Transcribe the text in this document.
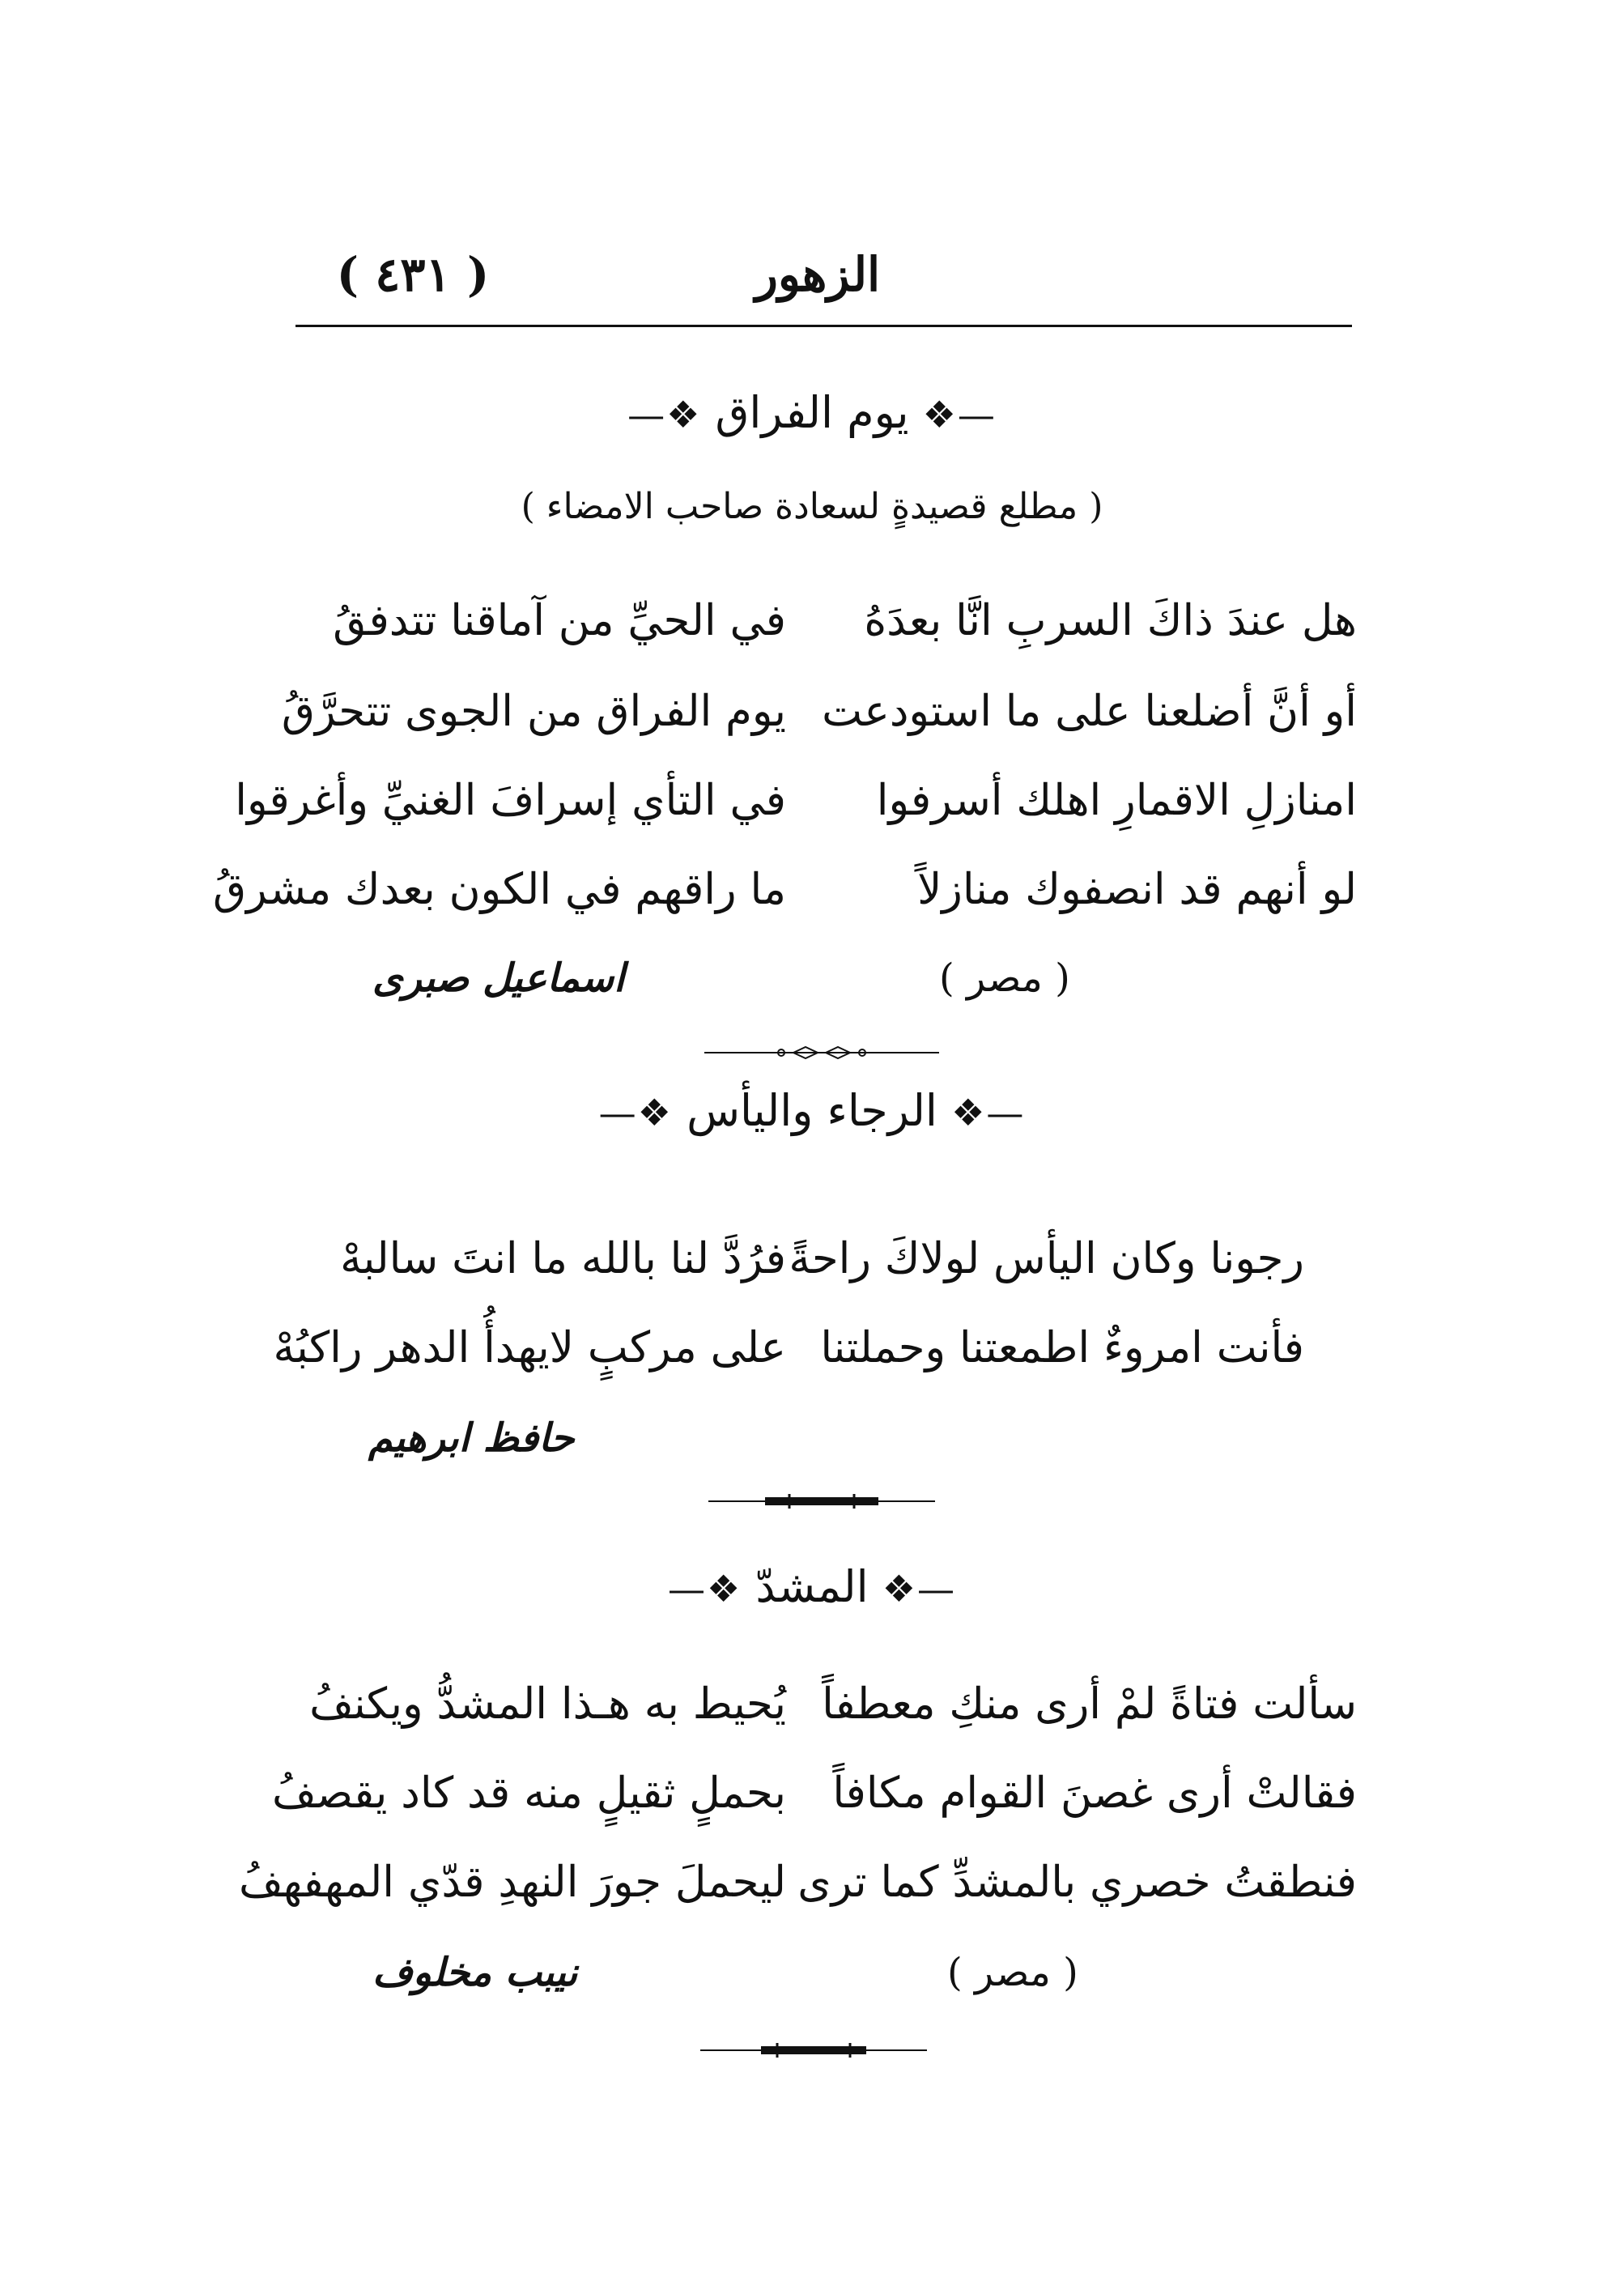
الزهور
( ٤٣١ )
—❖ يوم الفراق ❖—
( مطلع قصيدةٍ لسعادة صاحب الامضاء )
هل عندَ ذاكَ السربِ انَّا بعدَهُ
في الحيِّ من آماقنا تتدفقُ
أو أنَّ أضلعنا على ما استودعت
يوم الفراق من الجوى تتحرَّقُ
امنازلِ الاقمارِ اهلك أسرفوا
في التأي إسرافَ الغنيِّ وأغرقوا
لو أنهم قد انصفوك منازلاً
ما راقهم في الكون بعدك مشرقُ
( مصر )
اسماعيل صبرى
—❖ الرجاء واليأس ❖—
رجونا وكان اليأس لولاكَ راحةً
فرُدَّ لنا بالله ما انتَ سالبهْ
فأنت امروءٌ اطمعتنا وحملتنا
على مركبٍ لايهدأُ الدهر راكبُهْ
حافظ ابرهيم
—❖ المشدّ ❖—
سألت فتاةً لمْ أرى منكِ معطفاً
يُحيط به هـذا المشدُّ ويكنفُ
فقالتْ أرى غصنَ القوام مكافاً
بحملٍ ثقيلٍ منه قد كاد يقصفُ
فنطقتُ خصري بالمشدِّ كما ترى
ليحملَ جورَ النهدِ قدّي المهفهفُ
( مصر )
نيبب مخلوف
